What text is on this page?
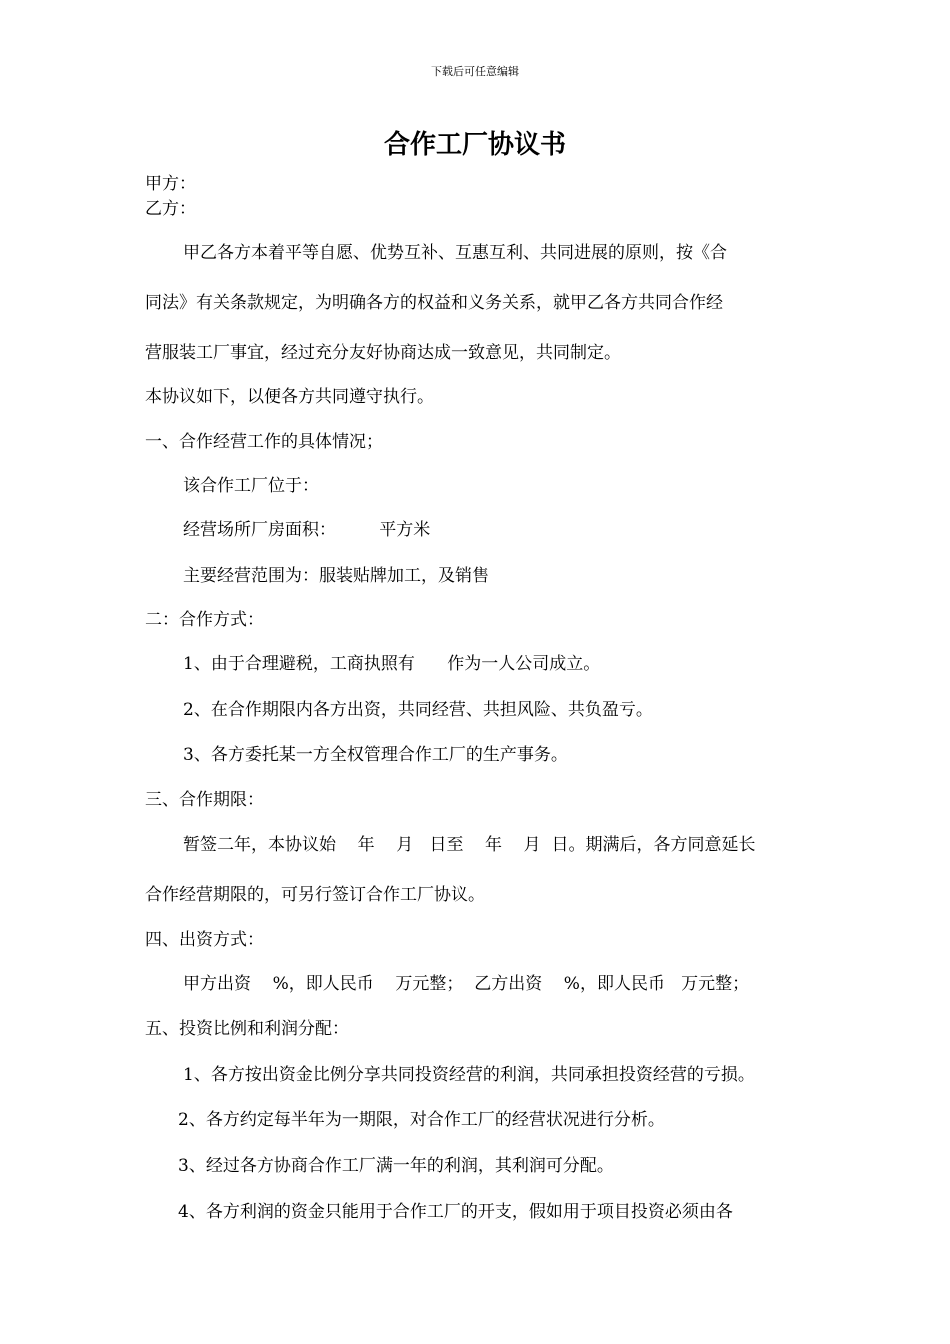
下载后可任意编辑
合作工厂协议书
甲方：
乙方：
甲乙各方本着平等自愿、优势互补、互惠互利、共同进展的原则，按《合
同法》有关条款规定，为明确各方的权益和义务关系，就甲乙各方共同合作经
营服装工厂事宜，经过充分友好协商达成一致意见，共同制定。
本协议如下，以便各方共同遵守执行。
一、合作经营工作的具体情况；
该合作工厂位于：
经营场所厂房面积：        平方米
主要经营范围为：服装贴牌加工，及销售
二：合作方式：
1、由于合理避税，工商执照有      作为一人公司成立。
2、在合作期限内各方出资，共同经营、共担风险、共负盈亏。
3、各方委托某一方全权管理合作工厂的生产事务。
三、合作期限：
暂签二年，本协议始    年    月   日至    年    月  日。期满后，各方同意延长
合作经营期限的，可另行签订合作工厂协议。
四、出资方式：
甲方出资    %，即人民币    万元整；  乙方出资    %，即人民币   万元整；
五、投资比例和利润分配：
1、各方按出资金比例分享共同投资经营的利润，共同承担投资经营的亏损。
2、各方约定每半年为一期限，对合作工厂的经营状况进行分析。
3、经过各方协商合作工厂满一年的利润，其利润可分配。
4、各方利润的资金只能用于合作工厂的开支，假如用于项目投资必须由各
